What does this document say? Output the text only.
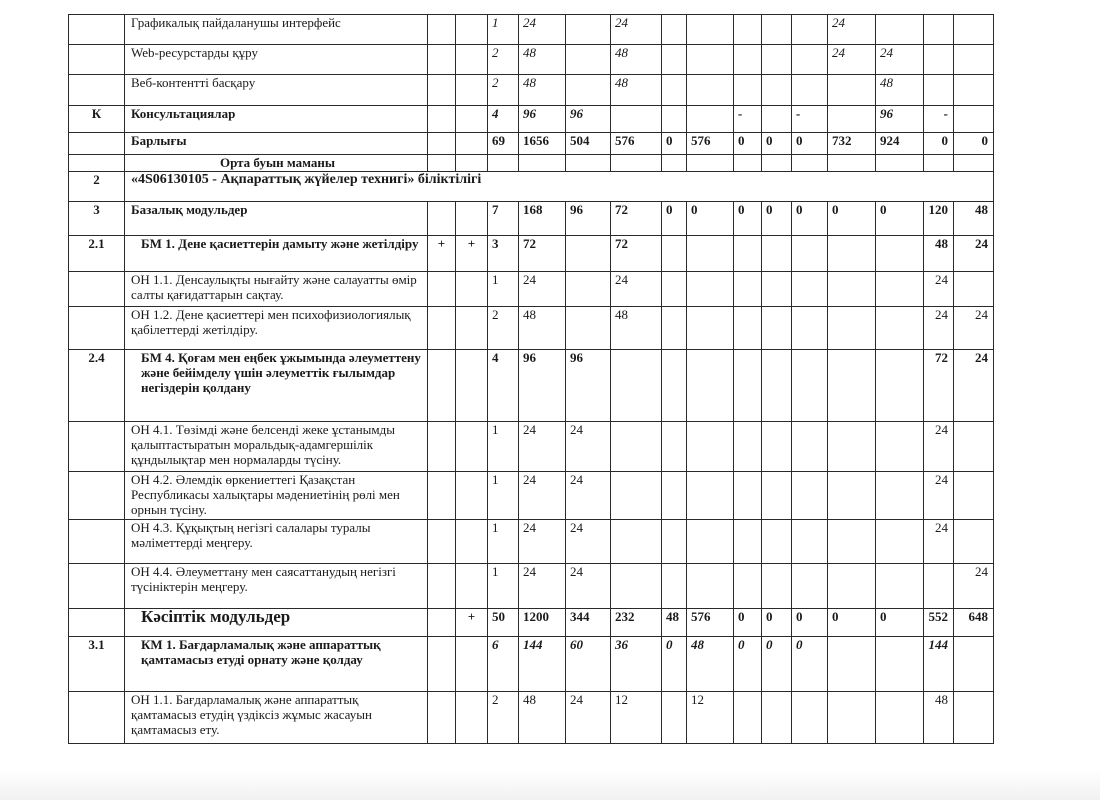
	Графикалық пайдаланушы интерфейс			1	24		24						24			
	Web-ресурстарды құру			2	48		48						24	24		
	Веб-контентті басқару			2	48		48							48		
К	Консультациялар			4	96	96				-		-		96	-	
	Барлығы			69	1656	504	576	0	576	0	0	0	732	924	0	0
	Орта буын маманы															
2	«4S06130105 - Ақпараттық жүйелер технигі» біліктілігі															
3	Базалық модульдер			7	168	96	72	0	0	0	0	0	0	0	120	48
2.1	БМ 1. Дене қасиеттерін дамыту және жетілдіру	+	+	3	72		72								48	24
	ОН 1.1. Денсаулықты нығайту және салауатты өмір салты қағидаттарын сақтау.			1	24		24								24	
	ОН 1.2. Дене қасиеттері мен психофизиологиялық қабілеттерді жетілдіру.			2	48		48								24	24
2.4	БМ 4. Қоғам мен еңбек ұжымында әлеуметтену және бейімделу үшін әлеуметтік ғылымдар негіздерін қолдану			4	96	96									72	24
	ОН 4.1. Төзімді және белсенді жеке ұстанымды қалыптастыратын моральдық-адамгершілік құндылықтар мен нормаларды түсіну.			1	24	24									24	
	ОН 4.2. Әлемдік өркениеттегі Қазақстан Республикасы халықтары мәдениетінің рөлі мен орнын түсіну.			1	24	24									24	
	ОН 4.3. Құқықтың негізгі салалары туралы мәліметтерді меңгеру.			1	24	24									24	
	ОН 4.4. Әлеуметтану мен саясаттанудың негізгі түсініктерін меңгеру.			1	24	24										24
	Кәсіптік модульдер		+	50	1200	344	232	48	576	0	0	0	0	0	552	648
3.1	КМ 1. Бағдарламалық және аппараттық қамтамасыз етуді орнату және қолдау			6	144	60	36	0	48	0	0	0			144	
	ОН 1.1. Бағдарламалық және аппараттық қамтамасыз етудің үздіксіз жұмыс жасауын қамтамасыз ету.			2	48	24	12		12						48	
